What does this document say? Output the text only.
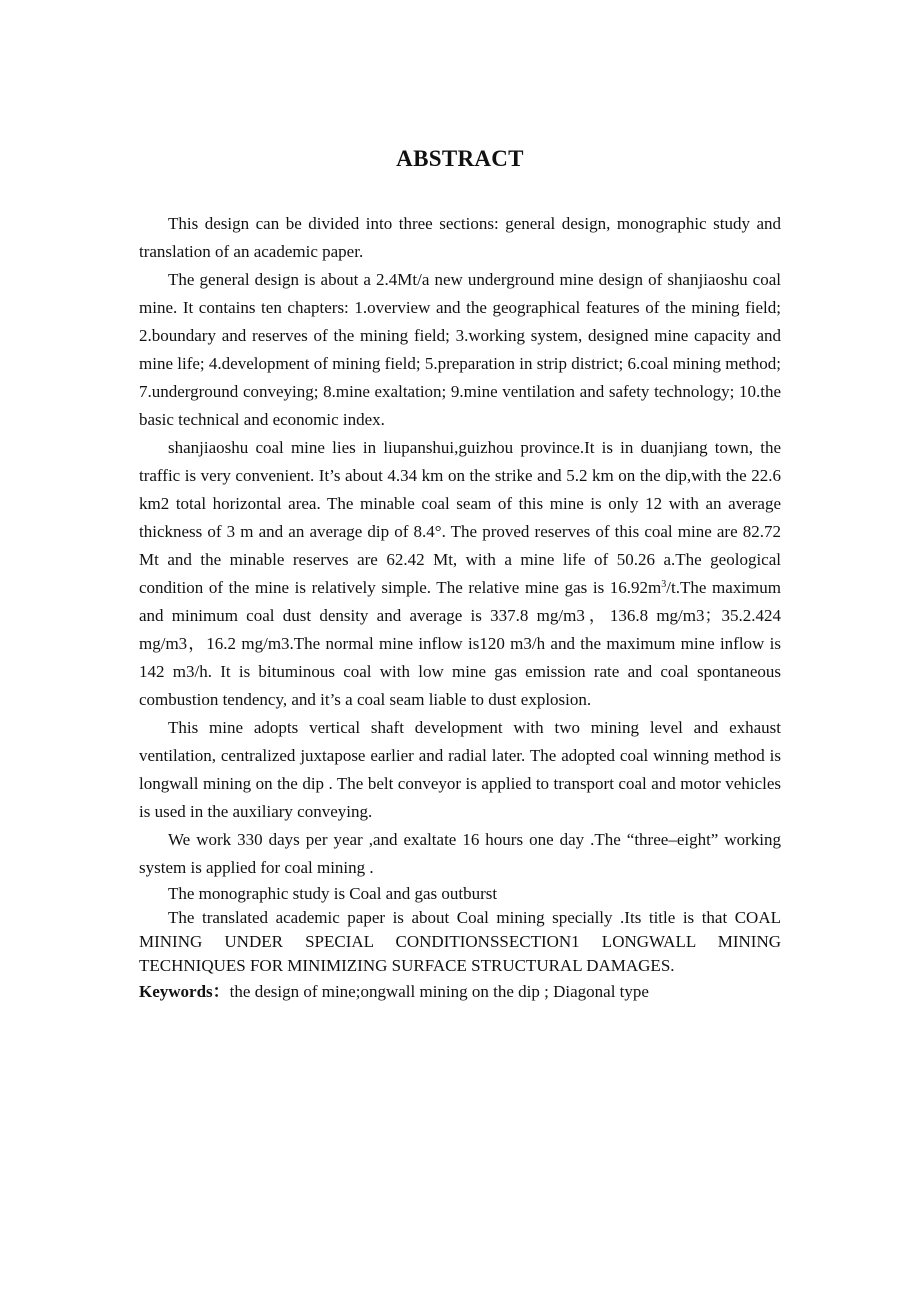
ABSTRACT

This design can be divided into three sections: general design, monographic study and translation of an academic paper.

The general design is about a 2.4Mt/a new underground mine design of shanjiaoshu coal mine. It contains ten chapters: 1.overview and the geographical features of the mining field; 2.boundary and reserves of the mining field; 3.working system, designed mine capacity and mine life; 4.development of mining field; 5.preparation in strip district; 6.coal mining method; 7.underground conveying; 8.mine exaltation; 9.mine ventilation and safety technology; 10.the basic technical and economic index.

shanjiaoshu coal mine lies in liupanshui,guizhou province.It is in duanjiang town, the traffic is very convenient. It’s about 4.34 km on the strike and 5.2 km on the dip,with the 22.6 km2 total horizontal area. The minable coal seam of this mine is only 12 with an average thickness of 3 m and an average dip of 8.4°. The proved reserves of this coal mine are 82.72 Mt and the minable reserves are 62.42 Mt, with a mine life of 50.26 a.The geological condition of the mine is relatively simple. The relative mine gas is $16.92m^3/t.The$ maximum and minimum coal dust density and average is 337.8 mg/m3，136.8 mg/m3；35.2.424 mg/m3，16.2 mg/m3.The normal mine inflow is120 m3/h and the maximum mine inflow is 142 m3/h. It is bituminous coal with low mine gas emission rate and coal spontaneous combustion tendency, and it’s a coal seam liable to dust explosion.

This mine adopts vertical shaft development with two mining level and exhaust ventilation, centralized juxtapose earlier and radial later. The adopted coal winning method is longwall mining on the dip . The belt conveyor is applied to transport coal and motor vehicles is used in the auxiliary conveying.

We work 330 days per year ,and exaltate 16 hours one day .The “three–eight” working system is applied for coal mining .

The monographic study is Coal and gas outburst

The translated academic paper is about Coal mining specially .Its title is that COAL MINING UNDER SPECIAL CONDITIONSSECTION1 LONGWALL MINING TECHNIQUES FOR MINIMIZING SURFACE STRUCTURAL DAMAGES.

Keywords：the design of mine;ongwall mining on the dip ; Diagonal type
